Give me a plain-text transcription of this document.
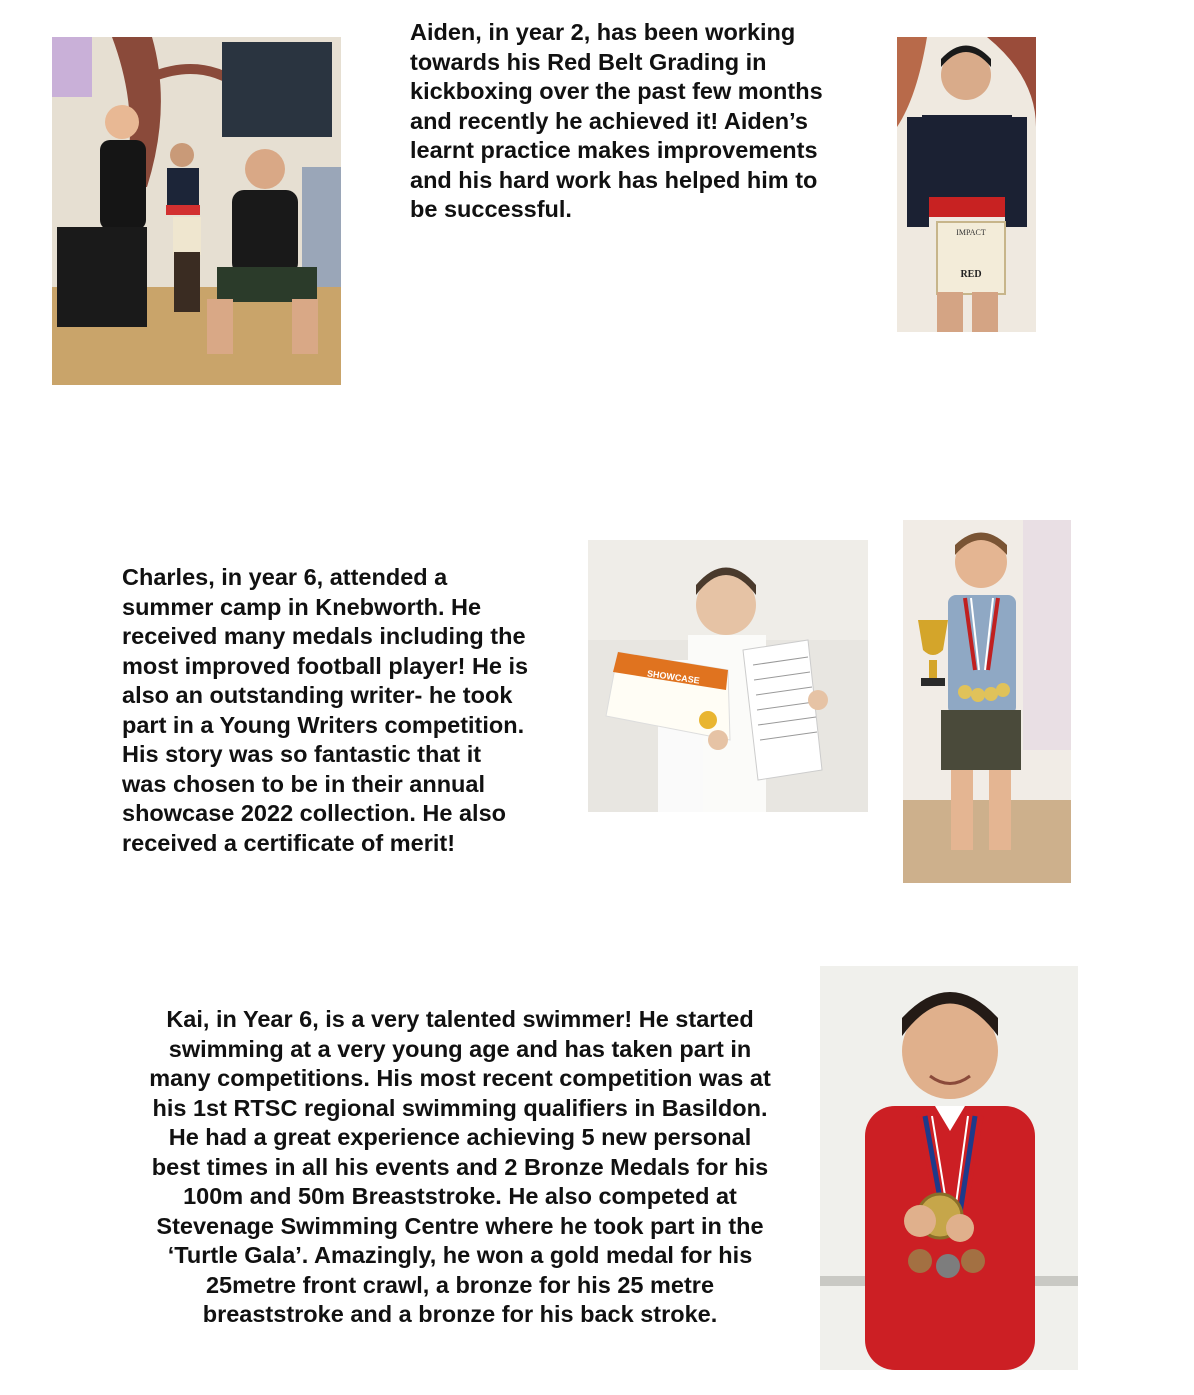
Aiden, in year 2, has been working
towards his Red Belt Grading in
kickboxing over the past few months
and recently he achieved it! Aiden’s
learnt practice makes improvements
and his hard work has helped him to
be successful.

IMPACT
RED

Charles, in year 6, attended a
summer camp in Knebworth. He
received many medals including the
most improved football player! He is
also an outstanding writer- he took
part in a Young Writers competition.
His story was so fantastic that it
was chosen to be in their annual
showcase 2022 collection. He also
received a certificate of merit!

SHOWCASE

Kai, in Year 6, is a very talented swimmer! He started
swimming at a very young age and has taken part in
many competitions. His most recent competition was at
his 1st RTSC regional swimming qualifiers in Basildon.
He had a great experience achieving 5 new personal
best times in all his events and 2 Bronze Medals for his
100m and 50m Breaststroke. He also competed at
Stevenage Swimming Centre where he took part in the
‘Turtle Gala’. Amazingly, he won a gold medal for his
25metre front crawl, a bronze for his 25 metre
breaststroke and a bronze for his back stroke.
